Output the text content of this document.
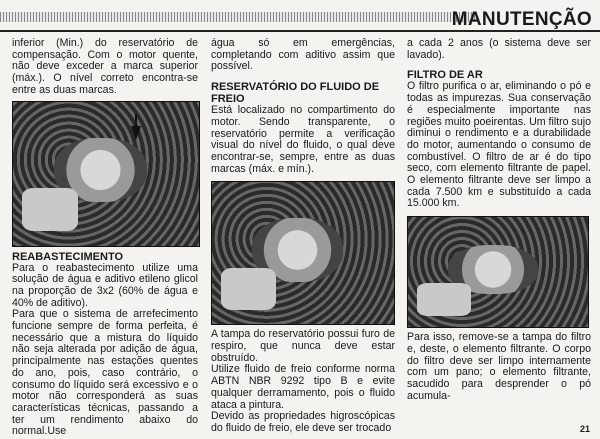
MANUTENÇÃO

inferior (Min.) do reservatório de compensação. Com o motor quente, não deve exceder a marca superior (máx.). O nível correto encontra-se entre as duas marcas.

REABASTECIMENTO

Para o reabastecimento utilize uma solução de água e aditivo etileno glicol na proporção de 3x2 (60% de água e 40% de aditivo).

Para que o sistema de arrefecimento funcione sempre de forma perfeita, é necessário que a mistura do líquido não seja alterada por adição de água, principalmente nas estações quentes do ano, pois, caso contrário, o consumo do líquido será excessivo e o motor não corresponderá as suas características técnicas, passando a ter um rendimento abaixo do normal.Use

água só em emergências, completando com aditivo assim que possível.

RESERVATÓRIO DO FLUIDO DE FREIO

Está localizado no compartimento do motor. Sendo transparente, o reservatório permite a verificação visual do nível do fluido, o qual deve encontrar-se, sempre, entre as duas marcas (máx. e mín.).

A tampa do reservatório possui furo de respiro, que nunca deve estar obstruído.

Utilize fluido de freio conforme norma ABTN NBR 9292 tipo B e evite qualquer derramamento, pois o fluido ataca a pintura.

Devido as propriedades higroscópicas do fluido de freio, ele deve ser trocado

a cada 2 anos (o sistema deve ser lavado).

FILTRO DE AR

O filtro purifica o ar, eliminando o pó e todas as impurezas. Sua conservação é especialmente importante nas regiões muito poeirentas. Um filtro sujo diminui o rendimento e a durabilidade do motor, aumentando o consumo de combustível. O filtro de ar é do tipo seco, com elemento filtrante de papel. O elemento filtrante deve ser limpo a cada 7.500 km e substituído a cada 15.000 km.

Para isso, remove-se a tampa do filtro e, deste, o elemento filtrante. O corpo do filtro deve ser limpo internamente com um pano; o elemento filtrante, sacudido para desprender o pó acumula-

21
